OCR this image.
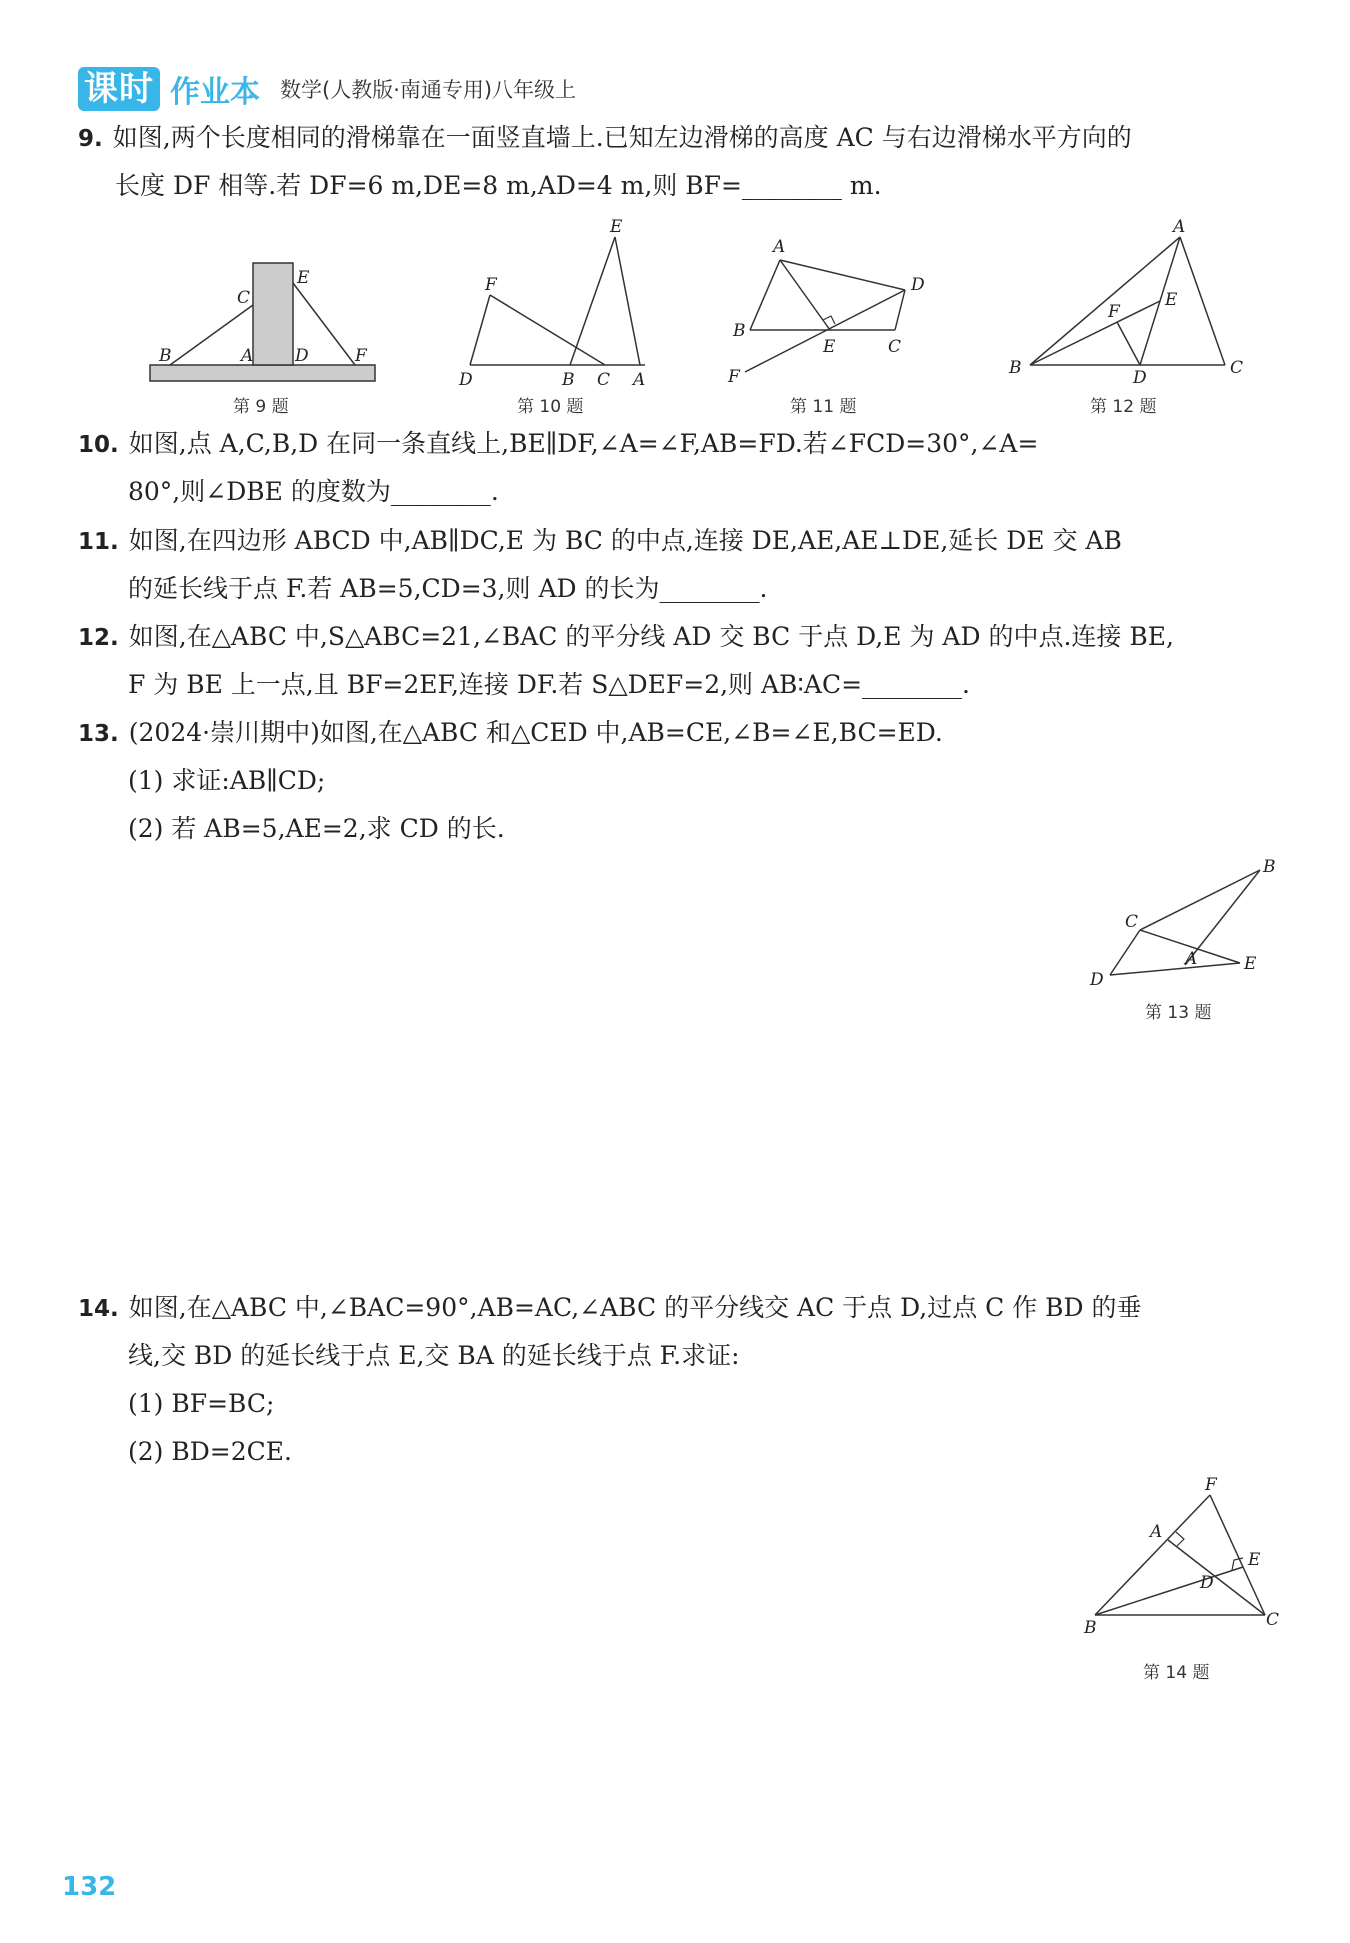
课时 作业本 数学(人教版·南通专用)八年级上
9. 如图,两个长度相同的滑梯靠在一面竖直墙上.已知左边滑梯的高度 AC 与右边滑梯水平方向的
长度 DF 相等.若 DF=6 m,DE=8 m,AD=4 m,则 BF=________ m.
B
C
A D
E
F
第 9 题
E
F
D	B C A
第 10 题
A
D
B
E	C
F
第 11 题
A
E
F
B	D	C
第 12 题
10. 如图,点 A,C,B,D 在同一条直线上,BE∥DF,∠A=∠F,AB=FD.若∠FCD=30°,∠A=
80°,则∠DBE 的度数为________.
11. 如图,在四边形 ABCD 中,AB∥DC,E 为 BC 的中点,连接 DE,AE,AE⊥DE,延长 DE 交 AB
的延长线于点 F.若 AB=5,CD=3,则 AD 的长为________.
12. 如图,在△ABC 中,S△ABC=21,∠BAC 的平分线 AD 交 BC 于点 D,E 为 AD 的中点.连接 BE,
F 为 BE 上一点,且 BF=2EF,连接 DF.若 S△DEF=2,则 AB∶AC=________.
13. (2024·崇川期中)如图,在△ABC 和△CED 中,AB=CE,∠B=∠E,BC=ED.
(1) 求证:AB∥CD;
(2) 若 AB=5,AE=2,求 CD 的长.
B
C
A
D
E
第 13 题
14. 如图,在△ABC 中,∠BAC=90°,AB=AC,∠ABC 的平分线交 AC 于点 D,过点 C 作 BD 的垂
线,交 BD 的延长线于点 E,交 BA 的延长线于点 F.求证:
(1) BF=BC;
(2) BD=2CE.
F
A
E
D
B	C
第 14 题
132
